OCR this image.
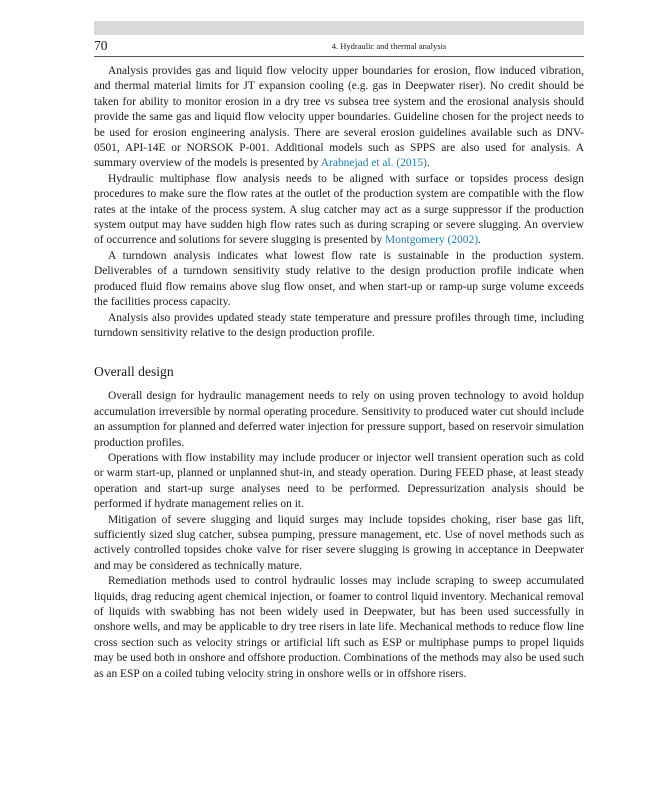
70	4. Hydraulic and thermal analysis

Analysis provides gas and liquid flow velocity upper boundaries for erosion, flow induced vibration, and thermal material limits for JT expansion cooling (e.g. gas in Deepwater riser). No credit should be taken for ability to monitor erosion in a dry tree vs subsea tree system and the erosional analysis should provide the same gas and liquid flow velocity upper boundaries. Guideline chosen for the project needs to be used for erosion engineering analysis. There are several erosion guidelines available such as DNV-0501, API-14E or NORSOK P-001. Additional models such as SPPS are also used for analysis. A summary overview of the models is presented by Arabnejad et al. (2015).

Hydraulic multiphase flow analysis needs to be aligned with surface or topsides process design procedures to make sure the flow rates at the outlet of the production system are compatible with the flow rates at the intake of the process system. A slug catcher may act as a surge suppressor if the production system output may have sudden high flow rates such as during scraping or severe slugging. An overview of occurrence and solutions for severe slugging is presented by Montgomery (2002).

A turndown analysis indicates what lowest flow rate is sustainable in the production system. Deliverables of a turndown sensitivity study relative to the design production profile indicate when produced fluid flow remains above slug flow onset, and when start-up or ramp-up surge volume exceeds the facilities process capacity.

Analysis also provides updated steady state temperature and pressure profiles through time, including turndown sensitivity relative to the design production profile.

Overall design

Overall design for hydraulic management needs to rely on using proven technology to avoid holdup accumulation irreversible by normal operating procedure. Sensitivity to produced water cut should include an assumption for planned and deferred water injection for pressure support, based on reservoir simulation production profiles.

Operations with flow instability may include producer or injector well transient operation such as cold or warm start-up, planned or unplanned shut-in, and steady operation. During FEED phase, at least steady operation and start-up surge analyses need to be performed. Depressurization analysis should be performed if hydrate management relies on it.

Mitigation of severe slugging and liquid surges may include topsides choking, riser base gas lift, sufficiently sized slug catcher, subsea pumping, pressure management, etc. Use of novel methods such as actively controlled topsides choke valve for riser severe slugging is growing in acceptance in Deepwater and may be considered as technically mature.

Remediation methods used to control hydraulic losses may include scraping to sweep accumulated liquids, drag reducing agent chemical injection, or foamer to control liquid inventory. Mechanical removal of liquids with swabbing has not been widely used in Deepwater, but has been used successfully in onshore wells, and may be applicable to dry tree risers in late life. Mechanical methods to reduce flow line cross section such as velocity strings or artificial lift such as ESP or multiphase pumps to propel liquids may be used both in onshore and offshore production. Combinations of the methods may also be used such as an ESP on a coiled tubing velocity string in onshore wells or in offshore risers.
